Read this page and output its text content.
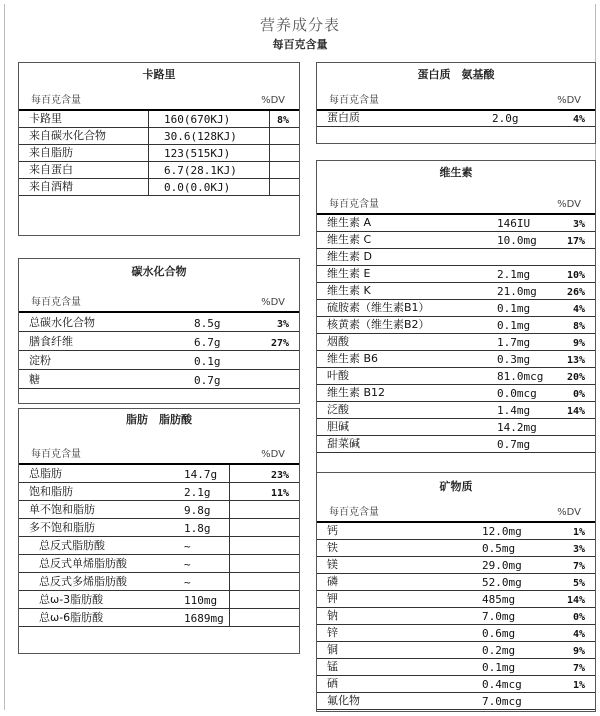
营养成分表
每百克含量
卡路里
每百克含量	%DV
卡路里	160(670KJ)	8%
来自碳水化合物	30.6(128KJ)
来自脂肪	123(515KJ)
来自蛋白	6.7(28.1KJ)
来自酒精	0.0(0.0KJ)
碳水化合物
每百克含量	%DV
总碳水化合物	8.5g	3%
膳食纤维	6.7g	27%
淀粉	0.1g
糖	0.7g
脂肪　脂肪酸
每百克含量	%DV
总脂肪	14.7g	23%
饱和脂肪	2.1g	11%
单不饱和脂肪	9.8g
多不饱和脂肪	1.8g
总反式脂肪酸	~
总反式单烯脂肪酸	~
总反式多烯脂肪酸	~
总ω-3脂肪酸	110mg
总ω-6脂肪酸	1689mg
蛋白质　氨基酸
每百克含量	%DV
蛋白质	2.0g	4%
维生素
每百克含量	%DV
维生素 A	146IU	3%
维生素 C	10.0mg	17%
维生素 D
维生素 E	2.1mg	10%
维生素 K	21.0mg	26%
硫胺素（维生素B1）	0.1mg	4%
核黄素（维生素B2）	0.1mg	8%
烟酸	1.7mg	9%
维生素 B6	0.3mg	13%
叶酸	81.0mcg 20%
维生素 B12	0.0mcg	0%
泛酸	1.4mg	14%
胆碱	14.2mg
甜菜碱	0.7mg
矿物质
每百克含量	%DV
钙	12.0mg	1%
铁	0.5mg	3%
镁	29.0mg	7%
磷	52.0mg	5%
钾	485mg	14%
钠	7.0mg	0%
锌	0.6mg	4%
铜	0.2mg	9%
锰	0.1mg	7%
硒	0.4mcg	1%
氟化物	7.0mcg
